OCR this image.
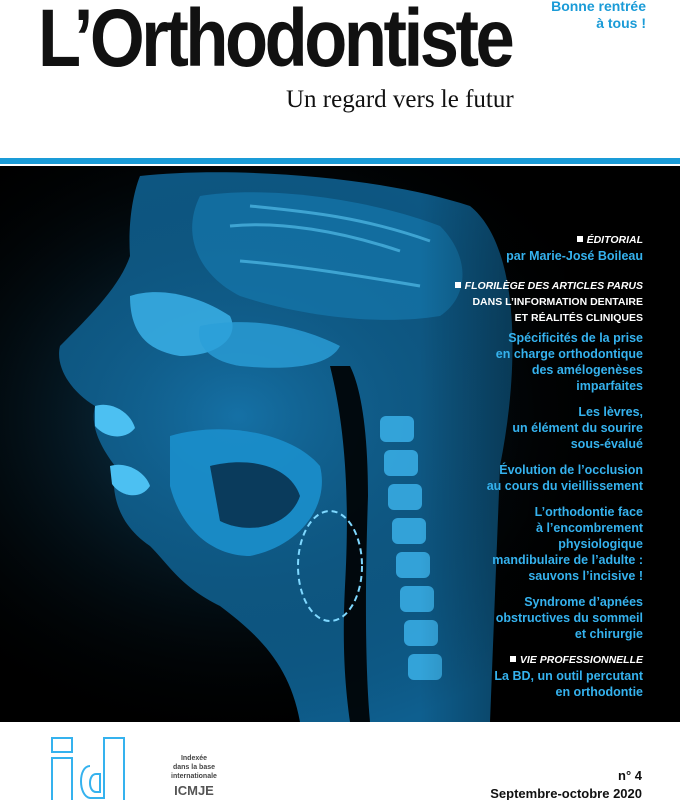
L’Orthodontiste
Un regard vers le futur
Bonne rentrée
à tous !
ÉDITORIAL
par Marie-José Boileau
FLORILÈGE DES ARTICLES PARUS
DANS L’INFORMATION DENTAIRE
ET RÉALITÉS CLINIQUES
Spécificités de la prise
en charge orthodontique
des amélogenèses
imparfaites
Les lèvres,
un élément du sourire
sous-évalué
Évolution de l’occlusion
au cours du vieillissement
L’orthodontie face
à l’encombrement
physiologique
mandibulaire de l’adulte :
sauvons l’incisive !
Syndrome d’apnées
obstructives du sommeil
et chirurgie
VIE PROFESSIONNELLE
La BD, un outil percutant
en orthodontie
Indexée
dans la base
internationale
ICMJE
n° 4
Septembre-octobre 2020
